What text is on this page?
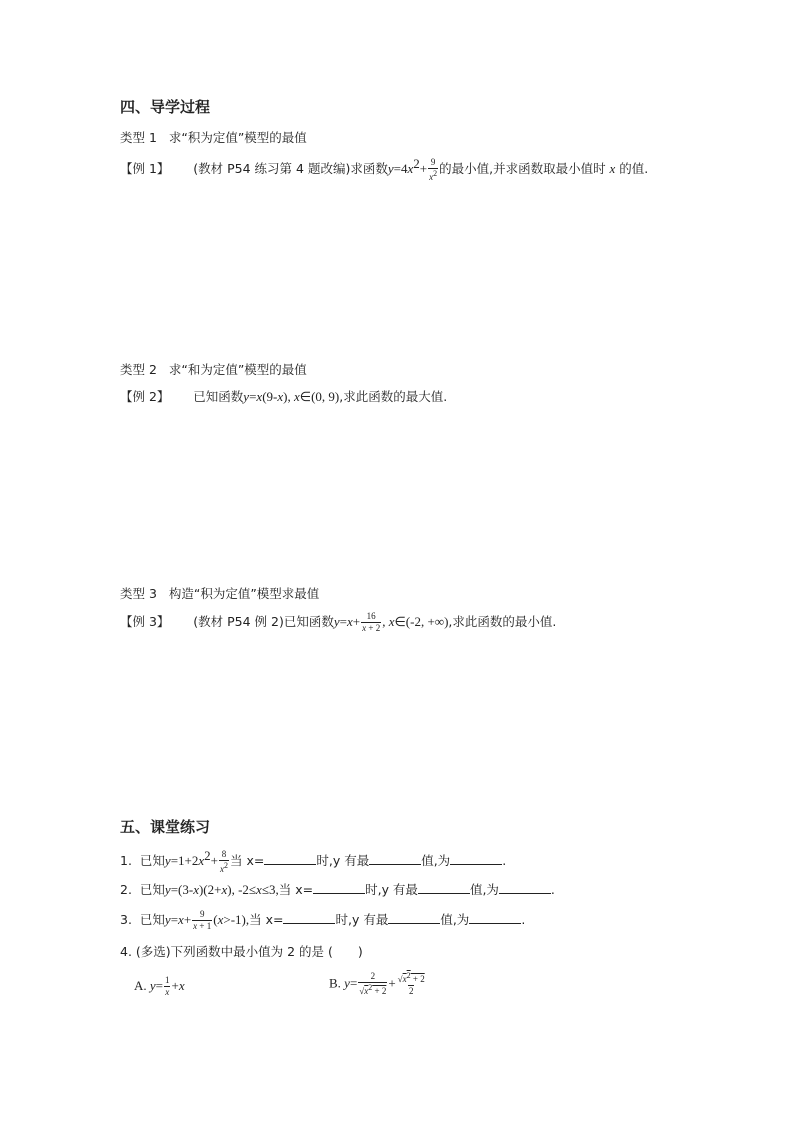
四、导学过程
类型 1 求“积为定值”模型的最值
【例 1】 (教材 P54 练习第 4 题改编)求函数$y=4x^2+ \frac{9}{x^2}$ 的最小值,并求函数取最小值时 x 的值.
类型 2 求“和为定值”模型的最值
【例 2】 已知函数y=x(9-x), x∈(0, 9),求此函数的最大值.
类型 3 构造“积为定值”模型求最值
【例 3】 (教材 P54 例 2)已知函数$y=x+ \frac{16}{x + 2}$ , x∈(-2, +∞),求此函数的最小值.
五、课堂练习
1. 已知$y=1+2x^2+ \frac{8}{x^2}$ 当 x=	时,y 有最	值,为	.
2. 已知y=(3-x)(2+x), -2≤x≤3,当 x=	时,y 有最	值,为	.
3. 已知$y=x+ \frac{9}{x + 1} (x>-1)$,当 x=	时,y 有最	值,为	.
4. (多选)下列函数中最小值为 2 的是 (　　)
A. $y= \frac{1}{x} +x$	B. $y= \frac{2}{√x^2 + 2} + \frac{√x^2 + 2}{2}$
